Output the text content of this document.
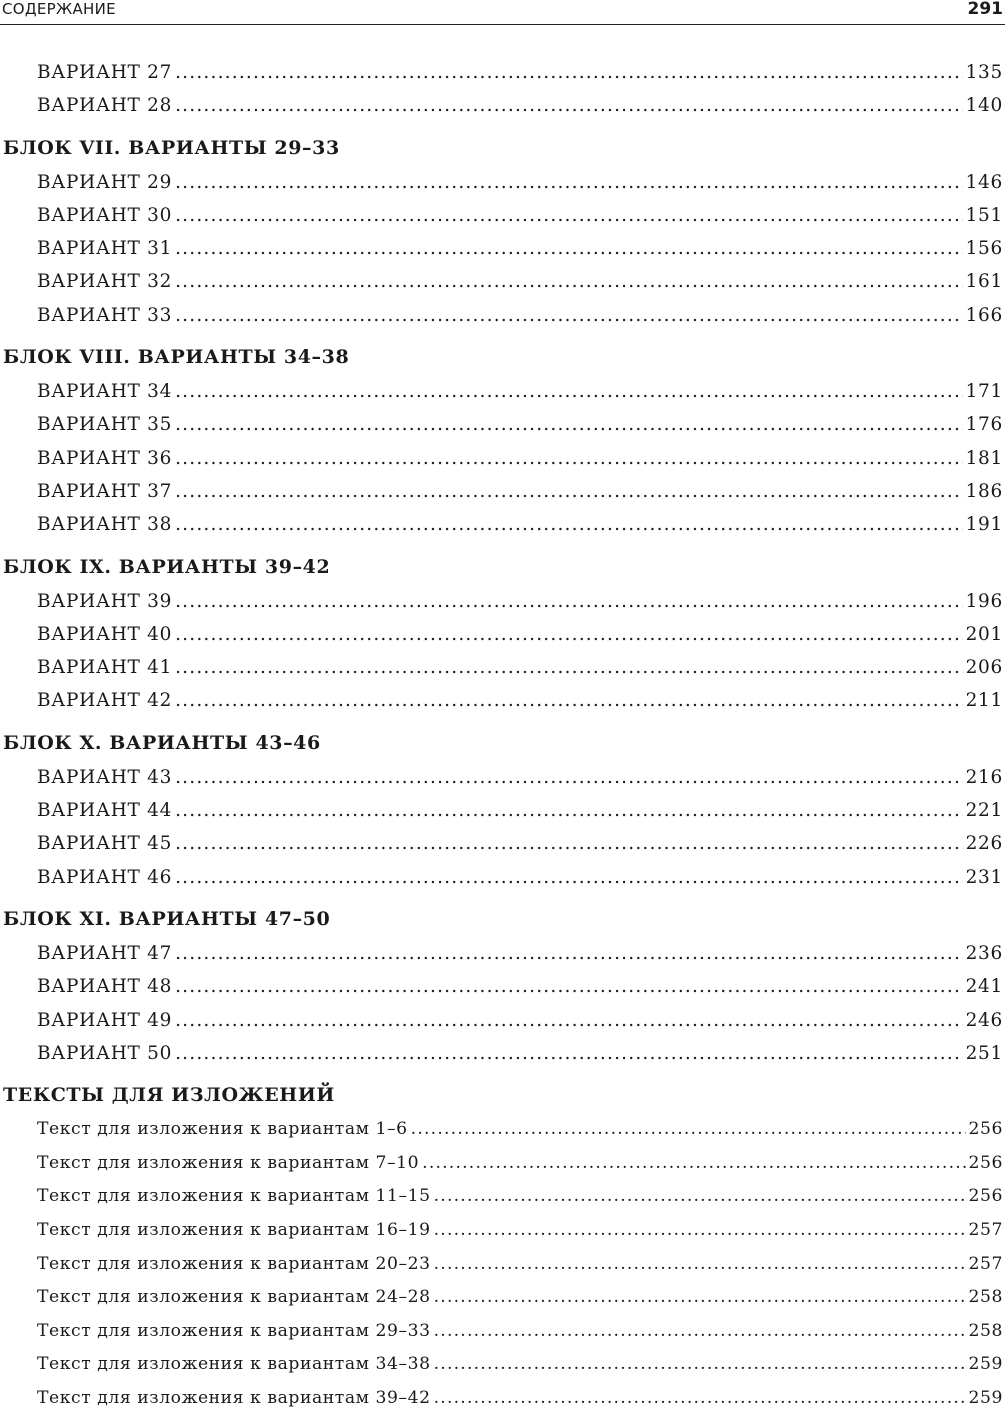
СОДЕРЖАНИЕ	291
ВАРИАНТ 27 .....	135
ВАРИАНТ 28 .....	140
БЛОК VII. ВАРИАНТЫ 29–33
ВАРИАНТ 29 .....	146
ВАРИАНТ 30 .....	151
ВАРИАНТ 31 .....	156
ВАРИАНТ 32 .....	161
ВАРИАНТ 33 .....	166
БЛОК VIII. ВАРИАНТЫ 34–38
ВАРИАНТ 34 .....	171
ВАРИАНТ 35 .....	176
ВАРИАНТ 36 .....	181
ВАРИАНТ 37 .....	186
ВАРИАНТ 38 .....	191
БЛОК IX. ВАРИАНТЫ 39–42
ВАРИАНТ 39 .....	196
ВАРИАНТ 40 .....	201
ВАРИАНТ 41 .....	206
ВАРИАНТ 42 .....	211
БЛОК X. ВАРИАНТЫ 43–46
ВАРИАНТ 43 .....	216
ВАРИАНТ 44 .....	221
ВАРИАНТ 45 .....	226
ВАРИАНТ 46 .....	231
БЛОК XI. ВАРИАНТЫ 47–50
ВАРИАНТ 47 .....	236
ВАРИАНТ 48 .....	241
ВАРИАНТ 49 .....	246
ВАРИАНТ 50 .....	251
ТЕКСТЫ ДЛЯ ИЗЛОЖЕНИЙ
Текст для изложения к вариантам 1–6 .....	256
Текст для изложения к вариантам 7–10 .....	256
Текст для изложения к вариантам 11–15 .....	256
Текст для изложения к вариантам 16–19 .....	257
Текст для изложения к вариантам 20–23 .....	257
Текст для изложения к вариантам 24–28 .....	258
Текст для изложения к вариантам 29–33 .....	258
Текст для изложения к вариантам 34–38 .....	259
Текст для изложения к вариантам 39–42 .....	259
